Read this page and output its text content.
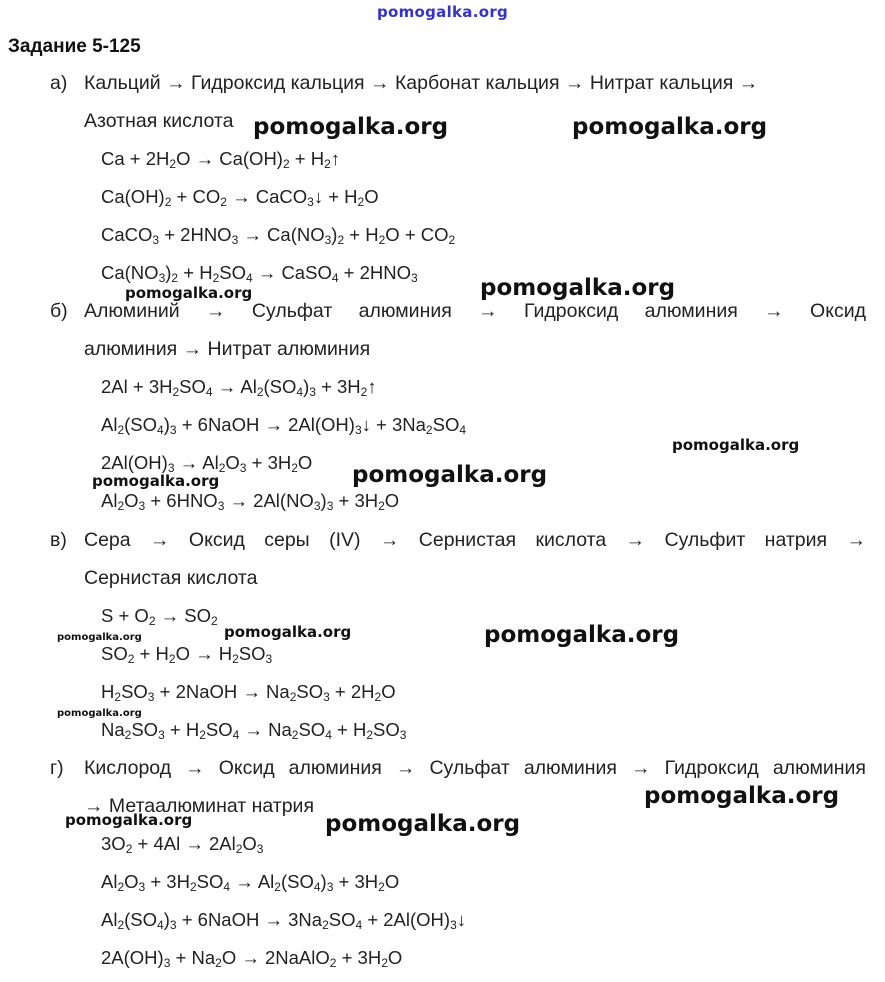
pomogalka.org
Задание 5-125
а) Кальций → Гидроксид кальция → Карбонат кальция → Нитрат кальция →
Азотная кислота
$Ca + 2H_2O \to Ca(OH)_2$ + $H_2↑$
$Ca(OH)_2 + CO_2$ → CaCO$_3$↓ + $H_2O$
CaCO$_3$ + $2HNO_3 \to Ca(NO_3)_2 + H_2O + CO_2$
$Ca(NO_3)_2 + H_2SO_4$ → CaSO$_4$ + $2HNO_3$
б) Алюминий → Сульфат алюминия → Гидроксид алюминия → Оксид
алюминия → Нитрат алюминия
$2Al + 3H_2SO_4 \to Al_2(SO_4)_3$ + $3H_2↑$
$Al_2(SO_4)_3$ + 6NaOH → $2Al(OH)_3↓ + 3Na_2SO_4$
$2Al(OH)_3 \to Al_2O_3 + 3H_2O$
$Al_2O_3 + 6HNO_3 \to 2Al(NO_3)_3 + 3H_2O$
в) Сера → Оксид серы (IV) → Сернистая кислота → Сульфит натрия →
Сернистая кислота
$S + O_2 \to SO_2$
$SO_2 + H_2O \to H_2SO_3$
$H_2SO_3$ + 2NaOH → $Na_2SO_3 + 2H_2O$
$Na_2SO_3 + H_2SO_4 \to Na_2SO_4 + H_2SO_3$
г) Кислород → Оксид алюминия → Сульфат алюминия → Гидроксид алюминия
→ Метаалюминат натрия
$3O_2 + 4Al \to 2Al_2O_3$
$Al_2O_3 + 3H_2SO_4 \to Al_2(SO_4)_3 + 3H_2O$
$Al_2(SO_4)_3$ + 6NaOH → $3Na_2SO_4$ + $2Al(OH)_3↓$
$2A(OH)_3 + Na_2O$ → 2NaAlO$_2$ + $3H_2O$
pomogalka.org	pomogalka.org
pomogalka.org
pomogalka.org
pomogalka.org
pomogalka.org
pomogalka.org
pomogalka.org	pomogalka.org
pomogalka.org
pomogalka.org
pomogalka.org
pomogalka.org	pomogalka.org
